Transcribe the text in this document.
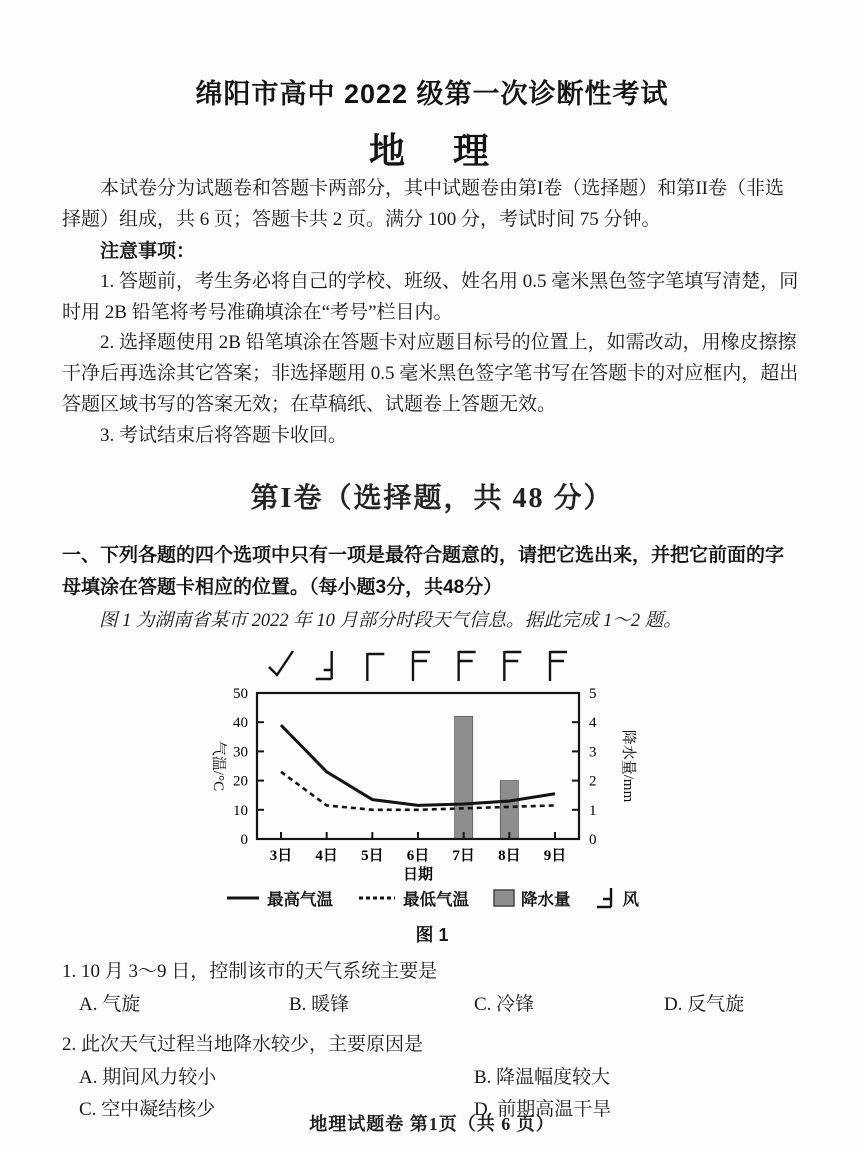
绵阳市高中 2022 级第一次诊断性考试
地　理

本试卷分为试题卷和答题卡两部分，其中试题卷由第I卷（选择题）和第II卷（非选择题）组成，共 6 页；答题卡共 2 页。满分 100 分，考试时间 75 分钟。

注意事项：

1. 答题前，考生务必将自己的学校、班级、姓名用 0.5 毫米黑色签字笔填写清楚，同时用 2B 铅笔将考号准确填涂在“考号”栏目内。

2. 选择题使用 2B 铅笔填涂在答题卡对应题目标号的位置上，如需改动，用橡皮擦擦干净后再选涂其它答案；非选择题用 0.5 毫米黑色签字笔书写在答题卡的对应框内，超出答题区域书写的答案无效；在草稿纸、试题卷上答题无效。

3. 考试结束后将答题卡收回。

第I卷（选择题，共 48 分）

一、下列各题的四个选项中只有一项是最符合题意的，请把它选出来，并把它前面的字母填涂在答题卡相应的位置。（每小题3分，共48分）

图 1 为湖南省某市 2022 年 10 月部分时段天气信息。据此完成 1～2 题。

0
10
20
30
40
50
0
1
2
3
4
5
3日 4日 5日 6日 7日 8日 9日
日期
气温/°C	降水量/mm
最高气温	最低气温	降水量	风

图 1

1. 10 月 3～9 日，控制该市的天气系统主要是

A. 气旋	B. 暖锋	C. 冷锋	D. 反气旋

2. 此次天气过程当地降水较少，主要原因是

A. 期间风力较小	B. 降温幅度较大
C. 空中凝结核少	D. 前期高温干旱
地理试题卷 第1页（共 6 页）
